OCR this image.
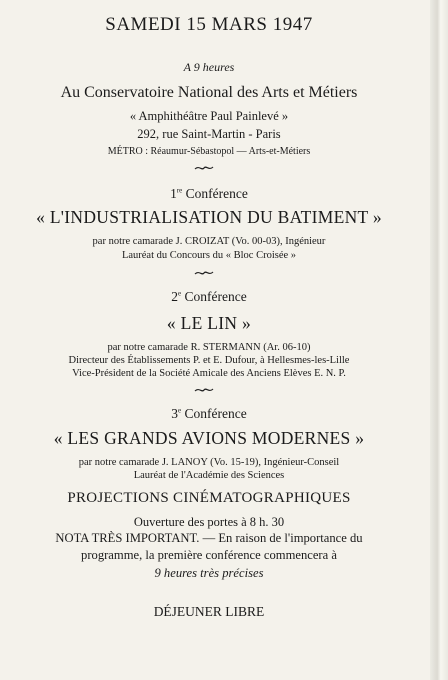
SAMEDI 15 MARS 1947
A 9 heures
Au Conservatoire National des Arts et Métiers
« Amphithéâtre Paul Painlevé »
292, rue Saint-Martin - Paris
MÉTRO : Réaumur-Sébastopol — Arts-et-Métiers
1re Conférence
« L'INDUSTRIALISATION DU BATIMENT »
par notre camarade J. CROIZAT (Vo. 00-03), Ingénieur
Lauréat du Concours du « Bloc Croisée »
2e Conférence
« LE LIN »
par notre camarade R. STERMANN (Ar. 06-10)
Directeur des Établissements P. et E. Dufour, à Hellesmes-les-Lille
Vice-Président de la Société Amicale des Anciens Elèves E. N. P.
3e Conférence
« LES GRANDS AVIONS MODERNES »
par notre camarade J. LANOY (Vo. 15-19), Ingénieur-Conseil
Lauréat de l'Académie des Sciences
PROJECTIONS CINÉMATOGRAPHIQUES
Ouverture des portes à 8 h. 30
NOTA TRÈS IMPORTANT. — En raison de l'importance du
programme, la première conférence commencera à
9 heures très précises
DÉJEUNER LIBRE
